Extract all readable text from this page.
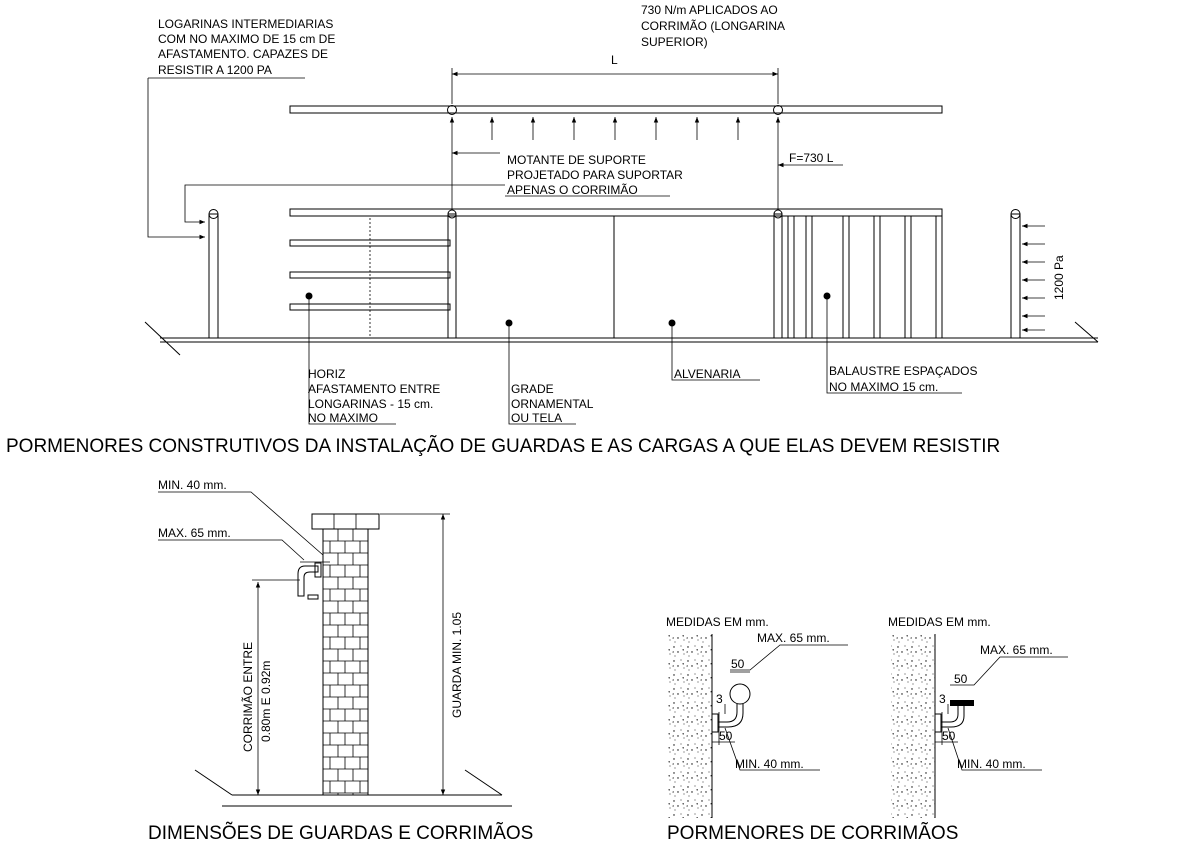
LOGARINAS INTERMEDIARIAS
COM NO MAXIMO DE 15 cm DE
AFASTAMENTO. CAPAZES DE
RESISTIR A 1200 PA
730 N/m APLICADOS AO
CORRIMÃO (LONGARINA
SUPERIOR)
L
MOTANTE DE SUPORTE
PROJETADO PARA SUPORTAR
APENAS O CORRIMÃO
F=730 L
1200 Pa
HORIZ
AFASTAMENTO ENTRE
LONGARINAS - 15 cm.
NO MAXIMO
GRADE
ORNAMENTAL
OU TELA
ALVENARIA	BALAUSTRE ESPAÇADOS
NO MAXIMO 15 cm.
PORMENORES CONSTRUTIVOS DA INSTALAÇÃO DE GUARDAS E AS CARGAS A QUE ELAS DEVEM RESISTIR
MIN. 40 mm.
MAX. 65 mm.
CORRIMÃO ENTRE 0.80m E 0.92m	GUARDA MIN. 1.05
DIMENSÕES DE GUARDAS E CORRIMÃOS
MEDIDAS EM mm.
MAX. 65 mm.
50
3
50
MIN. 40 mm.
MEDIDAS EM mm.
MAX. 65 mm.
50
3
50
MIN. 40 mm.
PORMENORES DE CORRIMÃOS
